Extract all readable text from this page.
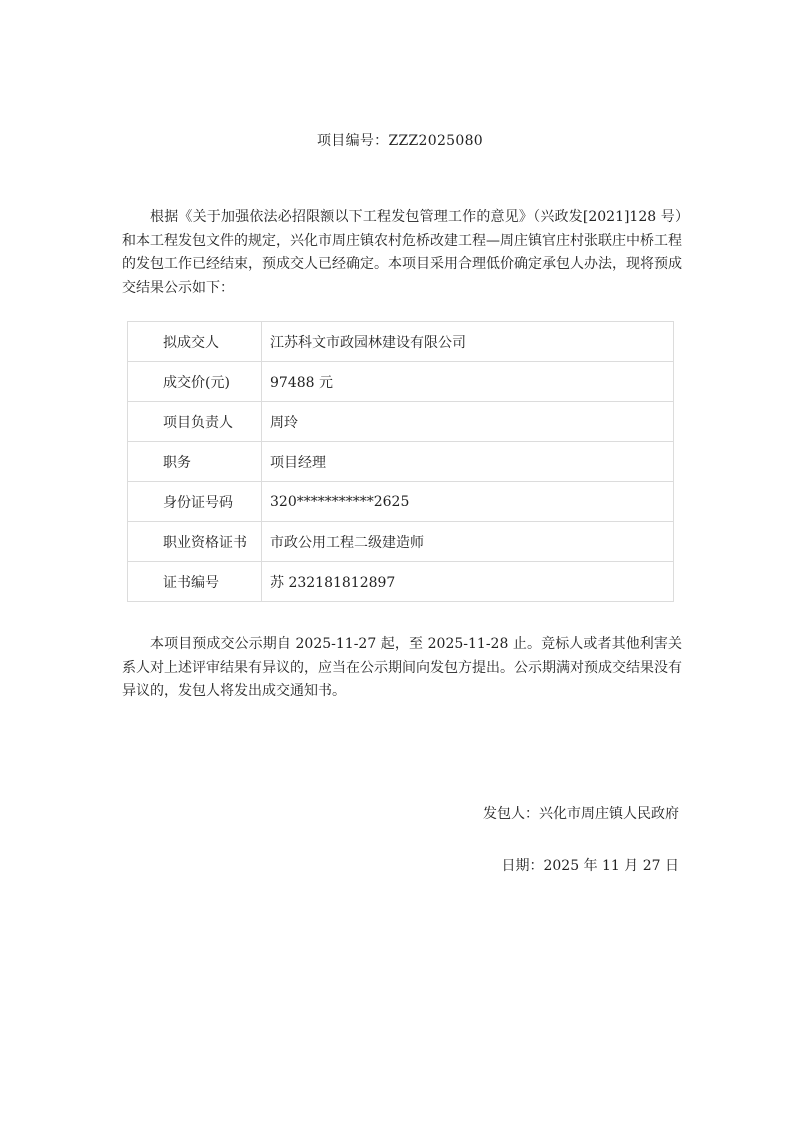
项目编号：ZZZ2025080

根据《关于加强依法必招限额以下工程发包管理工作的意见》（兴政发[2021]128 号）和本工程发包文件的规定，兴化市周庄镇农村危桥改建工程—周庄镇官庄村张联庄中桥工程的发包工作已经结束，预成交人已经确定。本项目采用合理低价确定承包人办法，现将预成交结果公示如下：

拟成交人	江苏科文市政园林建设有限公司
成交价(元)	97488 元
项目负责人	周玲
职务	项目经理
身份证号码	320***********2625
职业资格证书	市政公用工程二级建造师
证书编号	苏 232181812897

本项目预成交公示期自 2025-11-27 起，至 2025-11-28 止。竞标人或者其他利害关系人对上述评审结果有异议的，应当在公示期间向发包方提出。公示期满对预成交结果没有异议的，发包人将发出成交通知书。

发包人：兴化市周庄镇人民政府
日期：2025 年 11 月 27 日
